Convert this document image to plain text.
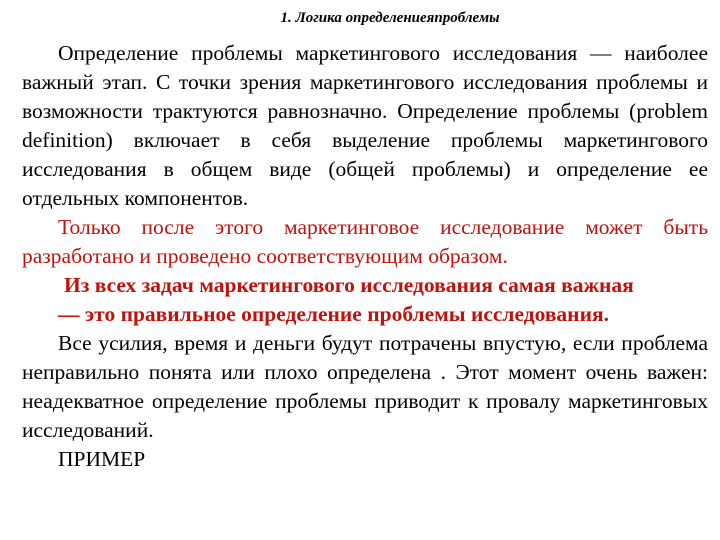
1. Логика определениеяпроблемы

Определение проблемы маркетингового исследования — наиболее важный этап. С точки зрения маркетингового исследования проблемы и возможности трактуются равнозначно. Определение проблемы (problem definition) включает в себя выделение проблемы маркетингового исследования в общем виде (общей проблемы) и определение ее отдельных компонентов.

Только после этого маркетинговое исследование может быть разработано и проведено соответствующим образом.

Из всех задач маркетингового исследования самая важная
— это правильное определение проблемы исследования.

Все усилия, время и деньги будут потрачены впустую, если проблема неправильно понята или плохо определена . Этот момент очень важен: неадекватное определение проблемы приводит к провалу маркетинговых исследований.

ПРИМЕР
